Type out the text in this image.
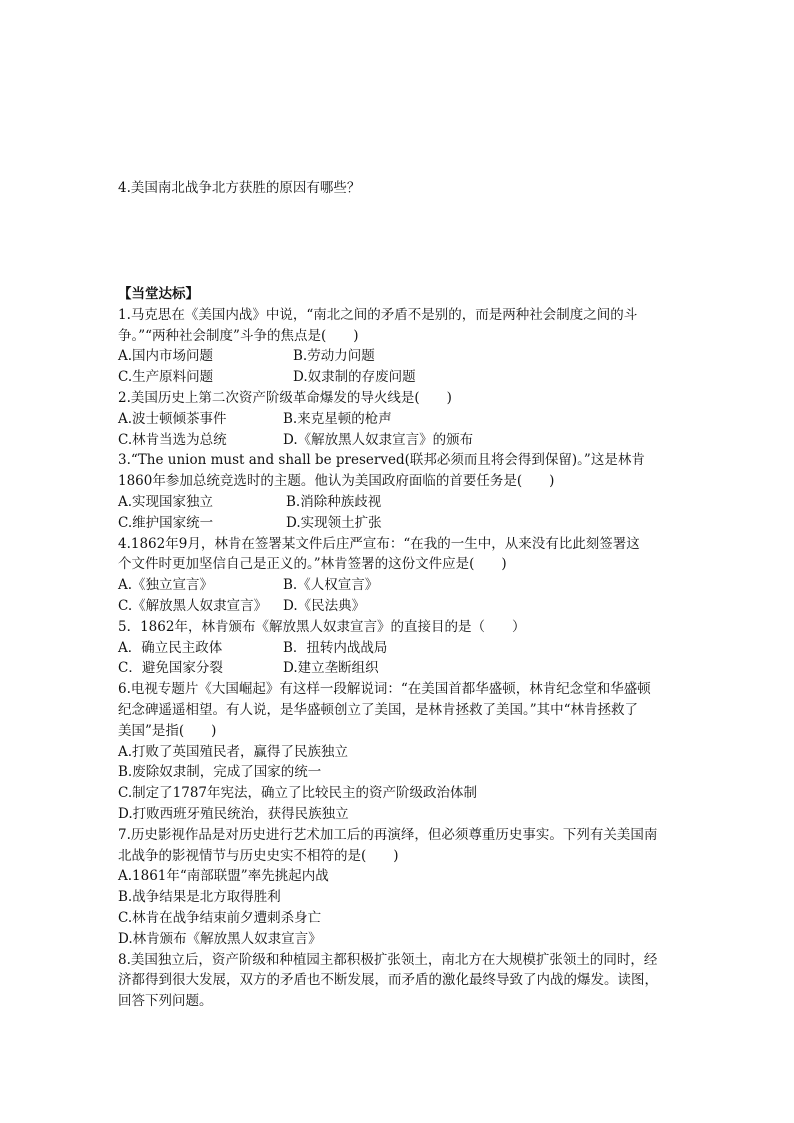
4.美国南北战争北方获胜的原因有哪些？
【当堂达标】
1.马克思在《美国内战》中说，“南北之间的矛盾不是别的，而是两种社会制度之间的斗
争。”“两种社会制度”斗争的焦点是(　　)
A.国内市场问题	B.劳动力问题
C.生产原料问题	D.奴隶制的存废问题
2.美国历史上第二次资产阶级革命爆发的导火线是(　　)
A.波士顿倾茶事件	B.来克星顿的枪声
C.林肯当选为总统	D.《解放黑人奴隶宣言》的颁布
3.“The union must and shall be preserved(联邦必须而且将会得到保留)。”这是林肯
1860年参加总统竞选时的主题。他认为美国政府面临的首要任务是(　　)
A.实现国家独立	B.消除种族歧视
C.维护国家统一	D.实现领土扩张
4.1862年9月，林肯在签署某文件后庄严宣布：“在我的一生中，从来没有比此刻签署这
个文件时更加坚信自己是正义的。”林肯签署的这份文件应是(　　)
A.《独立宣言》	B.《人权宣言》
C.《解放黑人奴隶宣言》	D.《民法典》
5．1862年，林肯颁布《解放黑人奴隶宣言》的直接目的是（　　）
A．确立民主政体	B．扭转内战战局
C．避免国家分裂	D.建立垄断组织
6.电视专题片《大国崛起》有这样一段解说词：“在美国首都华盛顿，林肯纪念堂和华盛顿
纪念碑遥遥相望。有人说，是华盛顿创立了美国，是林肯拯救了美国。”其中“林肯拯救了
美国”是指(　　)
A.打败了英国殖民者，赢得了民族独立
B.废除奴隶制，完成了国家的统一
C.制定了1787年宪法，确立了比较民主的资产阶级政治体制
D.打败西班牙殖民统治，获得民族独立
7.历史影视作品是对历史进行艺术加工后的再演绎，但必须尊重历史事实。下列有关美国南
北战争的影视情节与历史史实不相符的是(　　)
A.1861年“南部联盟”率先挑起内战
B.战争结果是北方取得胜利
C.林肯在战争结束前夕遭刺杀身亡
D.林肯颁布《解放黑人奴隶宣言》
8.美国独立后，资产阶级和种植园主都积极扩张领土，南北方在大规模扩张领土的同时，经
济都得到很大发展，双方的矛盾也不断发展，而矛盾的激化最终导致了内战的爆发。读图，
回答下列问题。
